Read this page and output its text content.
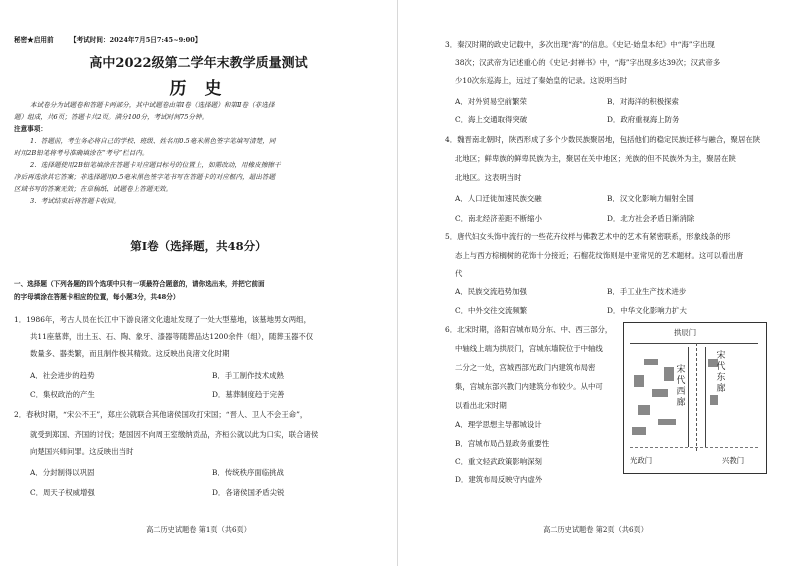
秘密★启用前 【考试时间：2024年7月5日7:45~9:00】
高中2022级第二学年末教学质量测试
历 史
本试卷分为试题卷和答题卡两部分，其中试题卷由第Ⅰ卷（选择题）和第Ⅱ卷（非选择
题）组成，共6页；答题卡共2页。满分100分，考试时间75分钟。
注意事项：
1．答题前，考生务必将自己的学校、班级、姓名用0.5毫米黑色签字笔填写清楚，同
时用2B铅笔将考号准确填涂在“考号”栏目内。
2．选择题使用2B铅笔填涂在答题卡对应题目标号的位置上，如需改动，用橡皮擦擦干
净后再选涂其它答案；非选择题用0.5毫米黑色签字笔书写在答题卡的对应框内，超出答题
区域书写的答案无效；在草稿纸、试题卷上答题无效。
3．考试结束后将答题卡收回。
第Ⅰ卷（选择题，共48分）
一、选择题（下列各题的四个选项中只有一项最符合题意的，请你选出来，并把它前面
的字母填涂在答题卡相应的位置，每小题3分，共48分）
1．1986年，考古人员在长江中下游良渚文化遗址发现了一处大型墓地，该墓地男女两组，
共11座墓葬，出土玉、石、陶、象牙、漆器等随葬品达1200余件（组），随葬玉器不仅
数量多、器类繁，而且制作极其精致。这反映出良渚文化时期
A．社会进步的趋势	B．手工制作技术成熟
C．集权政治的产生	D．墓葬制度趋于完善
2．春秋时期，“宋公不王”，郑庄公就联合其他诸侯国攻打宋国；“晋人、卫人不会王命”，
就受到郑国、齐国的讨伐；楚国因不向周王室缴纳贡品，齐桓公就以此为口实，联合诸侯
向楚国兴师问罪。这反映出当时
A．分封制得以巩固	B．传统秩序面临挑战
C．周天子权威增强	D．各诸侯国矛盾尖锐
高二历史试题卷 第1页（共6页）
3．秦汉时期的政史记载中，多次出现“海”的信息。《史记·始皇本纪》中“海”字出现
38次；汉武帝为记述重心的《史记·封禅书》中，“海”字出现多达39次；汉武帝多
少10次东巡海上，远过了秦始皇的记录。这说明当时
A．对外贸易空前繁荣	B．对海洋的积极探索
C．海上交通取得突破	D．政府重视海上防务
4．魏晋南北朝时，陕西形成了多个少数民族聚居地，包括他们的稳定民族迁移与融合，聚居在陕
北地区；鲜卑族的鲜卑民族为主，聚居在关中地区；羌族的但不民族外为主，聚居在陕
北地区。这表明当时
A．人口迁徙加速民族交融	B．汉文化影响力辐射全国
C．南北经济差距不断缩小	D．北方社会矛盾日渐消除
5．唐代妇女头饰中流行的一些花卉纹样与佛教艺术中的艺术有紧密联系，形象线条的形
态上与西方棕榈树的花饰十分接近；石榴花纹饰则是中亚常见的艺术题材。这可以看出唐
代
A．民族交流趋势加强	B．手工业生产技术进步
C．中外交往交流频繁	D．中华文化影响力扩大
6．北宋时期，洛阳宫城布局分东、中、西三部分，
中轴线上端为拱辰门，宫城东墙院位于中轴线
二分之一处，宫城西部光政门内建筑布局密
集，宫城东部兴教门内建筑分布较少。从中可
以看出北宋时期
A．理学思想主导都城设计
B．宫城布局凸显政务重要性
C．重文轻武政策影响深刻
D．建筑布局反映守内虚外
拱辰门
宋代西廊
宋代东廊
光政门	兴教门
高二历史试题卷 第2页（共6页）
